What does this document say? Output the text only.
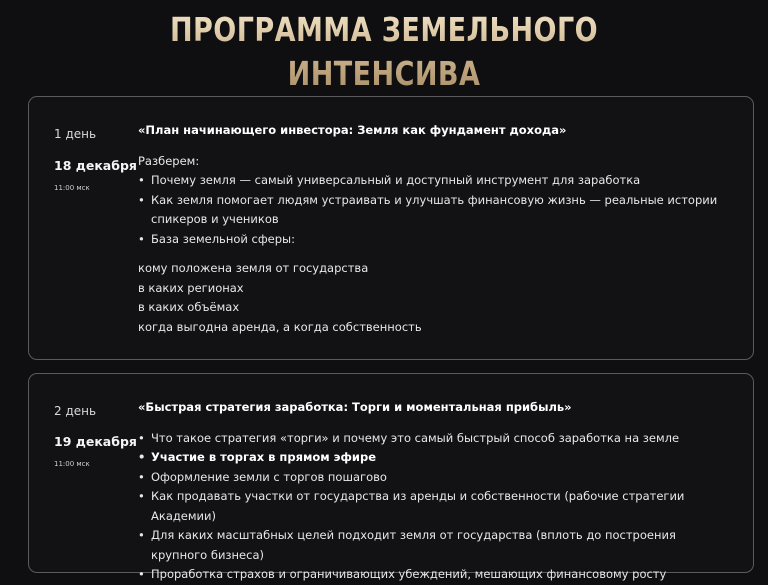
ПРОГРАММА ЗЕМЕЛЬНОГО ИНТЕНСИВА
1 день
18 декабря
11:00 мск
«План начинающего инвестора: Земля как фундамент дохода»
Разберем:
• Почему земля — самый универсальный и доступный инструмент для заработка
• Как земля помогает людям устраивать и улучшать финансовую жизнь — реальные истории спикеров и учеников
• База земельной сферы:
кому положена земля от государства
в каких регионах
в каких объёмах
когда выгодна аренда, а когда собственность
2 день
19 декабря
11:00 мск
«Быстрая стратегия заработка: Торги и моментальная прибыль»
• Что такое стратегия «торги» и почему это самый быстрый способ заработка на земле
• Участие в торгах в прямом эфире
• Оформление земли с торгов пошагово
• Как продавать участки от государства из аренды и собственности (рабочие стратегии Академии)
• Для каких масштабных целей подходит земля от государства (вплоть до построения крупного бизнеса)
• Проработка страхов и ограничивающих убеждений, мешающих финансовому росту
